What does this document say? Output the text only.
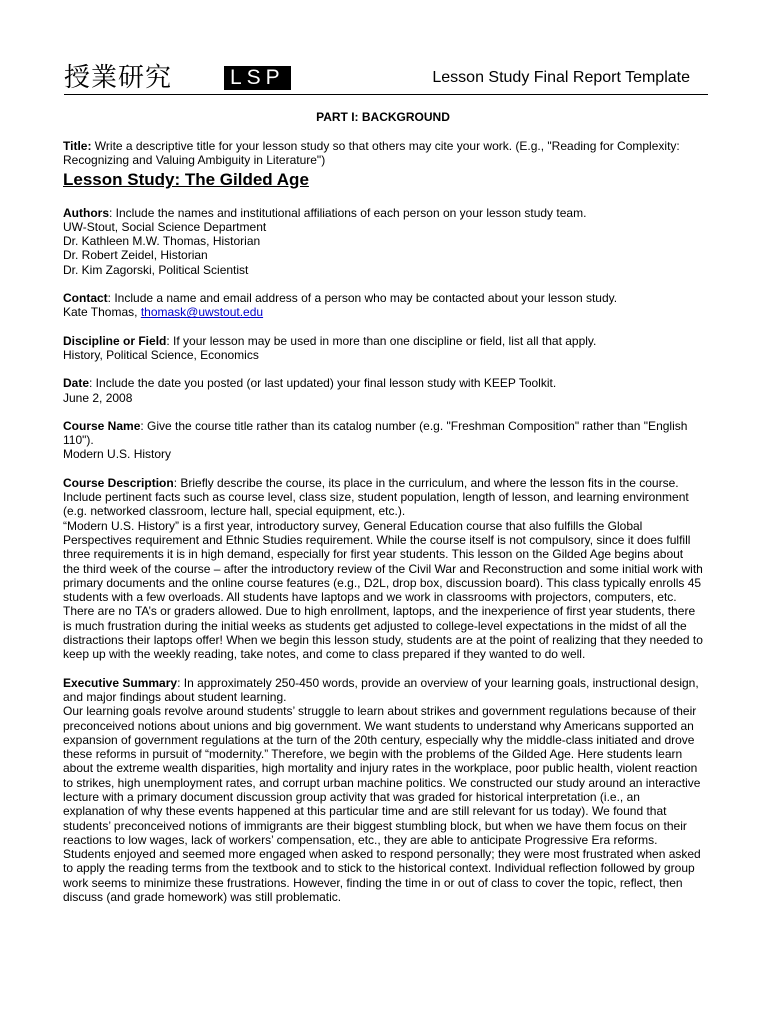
授業研究	LSP	Lesson Study Final Report Template

PART I: BACKGROUND

Title: Write a descriptive title for your lesson study so that others may cite your work. (E.g., "Reading for Complexity: Recognizing and Valuing Ambiguity in Literature")

Lesson Study: The Gilded Age

Authors: Include the names and institutional affiliations of each person on your lesson study team.

UW-Stout, Social Science Department

Dr. Kathleen M.W. Thomas, Historian

Dr. Robert Zeidel, Historian

Dr. Kim Zagorski, Political Scientist

Contact: Include a name and email address of a person who may be contacted about your lesson study.

Kate Thomas, thomask@uwstout.edu

Discipline or Field: If your lesson may be used in more than one discipline or field, list all that apply.

History, Political Science, Economics

Date: Include the date you posted (or last updated) your final lesson study with KEEP Toolkit.

June 2, 2008

Course Name: Give the course title rather than its catalog number (e.g. "Freshman Composition" rather than "English 110").

Modern U.S. History

Course Description: Briefly describe the course, its place in the curriculum, and where the lesson fits in the course. Include pertinent facts such as course level, class size, student population, length of lesson, and learning environment (e.g. networked classroom, lecture hall, special equipment, etc.).

“Modern U.S. History” is a first year, introductory survey, General Education course that also fulfills the Global Perspectives requirement and Ethnic Studies requirement. While the course itself is not compulsory, since it does fulfill three requirements it is in high demand, especially for first year students. This lesson on the Gilded Age begins about the third week of the course – after the introductory review of the Civil War and Reconstruction and some initial work with primary documents and the online course features (e.g., D2L, drop box, discussion board). This class typically enrolls 45 students with a few overloads. All students have laptops and we work in classrooms with projectors, computers, etc. There are no TA’s or graders allowed. Due to high enrollment, laptops, and the inexperience of first year students, there is much frustration during the initial weeks as students get adjusted to college-level expectations in the midst of all the distractions their laptops offer! When we begin this lesson study, students are at the point of realizing that they needed to keep up with the weekly reading, take notes, and come to class prepared if they wanted to do well.

Executive Summary: In approximately 250-450 words, provide an overview of your learning goals, instructional design, and major findings about student learning.

Our learning goals revolve around students’ struggle to learn about strikes and government regulations because of their preconceived notions about unions and big government. We want students to understand why Americans supported an expansion of government regulations at the turn of the 20th century, especially why the middle-class initiated and drove these reforms in pursuit of “modernity.” Therefore, we begin with the problems of the Gilded Age. Here students learn about the extreme wealth disparities, high mortality and injury rates in the workplace, poor public health, violent reaction to strikes, high unemployment rates, and corrupt urban machine politics. We constructed our study around an interactive lecture with a primary document discussion group activity that was graded for historical interpretation (i.e., an explanation of why these events happened at this particular time and are still relevant for us today). We found that students’ preconceived notions of immigrants are their biggest stumbling block, but when we have them focus on their reactions to low wages, lack of workers’ compensation, etc., they are able to anticipate Progressive Era reforms. Students enjoyed and seemed more engaged when asked to respond personally; they were most frustrated when asked to apply the reading terms from the textbook and to stick to the historical context. Individual reflection followed by group work seems to minimize these frustrations. However, finding the time in or out of class to cover the topic, reflect, then discuss (and grade homework) was still problematic.
